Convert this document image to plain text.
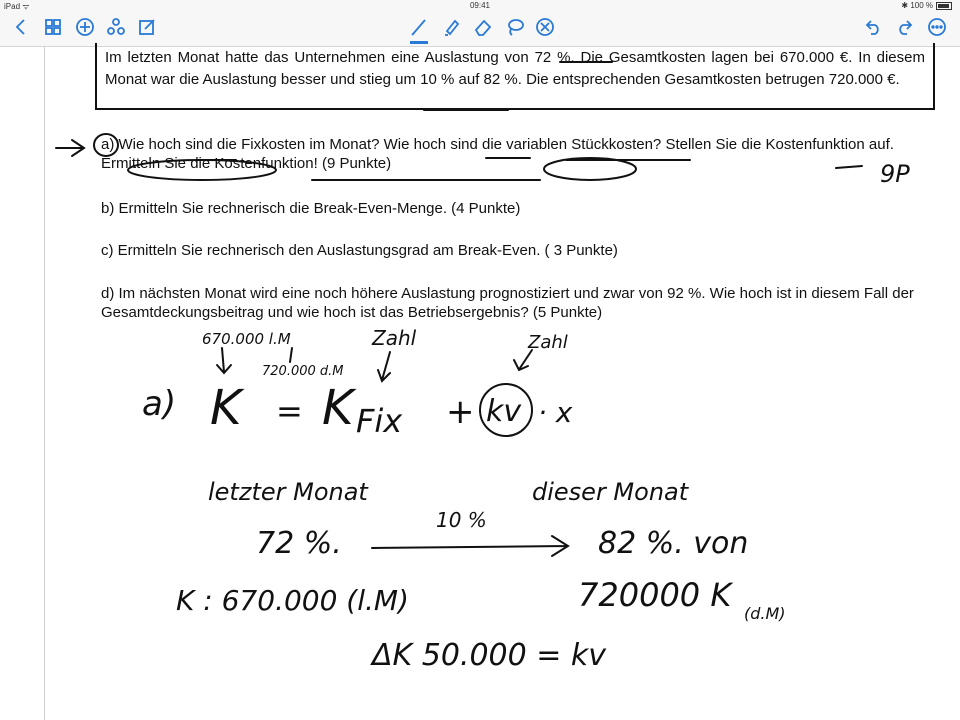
iPad ᯤ	09:41	✱ 100 %

Im letzten Monat hatte das Unternehmen eine Auslastung von 72 %. Die Gesamtkosten lagen bei 670.000 €. In diesem Monat war die Auslastung besser und stieg um 10 % auf 82 %. Die entsprechenden Gesamtkosten betrugen 720.000 €.

a) Wie hoch sind die Fixkosten im Monat? Wie hoch sind die variablen Stückkosten? Stellen Sie die Kostenfunktion auf. Ermitteln Sie die Kostenfunktion! (9 Punkte)

b) Ermitteln Sie rechnerisch die Break-Even-Menge. (4 Punkte)

c) Ermitteln Sie rechnerisch den Auslastungsgrad am Break-Even. ( 3 Punkte)

d) Im nächsten Monat wird eine noch höhere Auslastung prognostiziert und zwar von 92 %. Wie hoch ist in diesem Fall der Gesamtdeckungsbeitrag und wie hoch ist das Betriebsergebnis? (5 Punkte)

9P
670.000 l.M
720.000 d.M
Zahl	Zahl
a) K = K Fix + kv · x
letzter Monat	dieser Monat
72 %.
10 %
82 %. von
K : 670.000 (l.M)	720000 K (d.M)
ΔK 50.000 = kv
